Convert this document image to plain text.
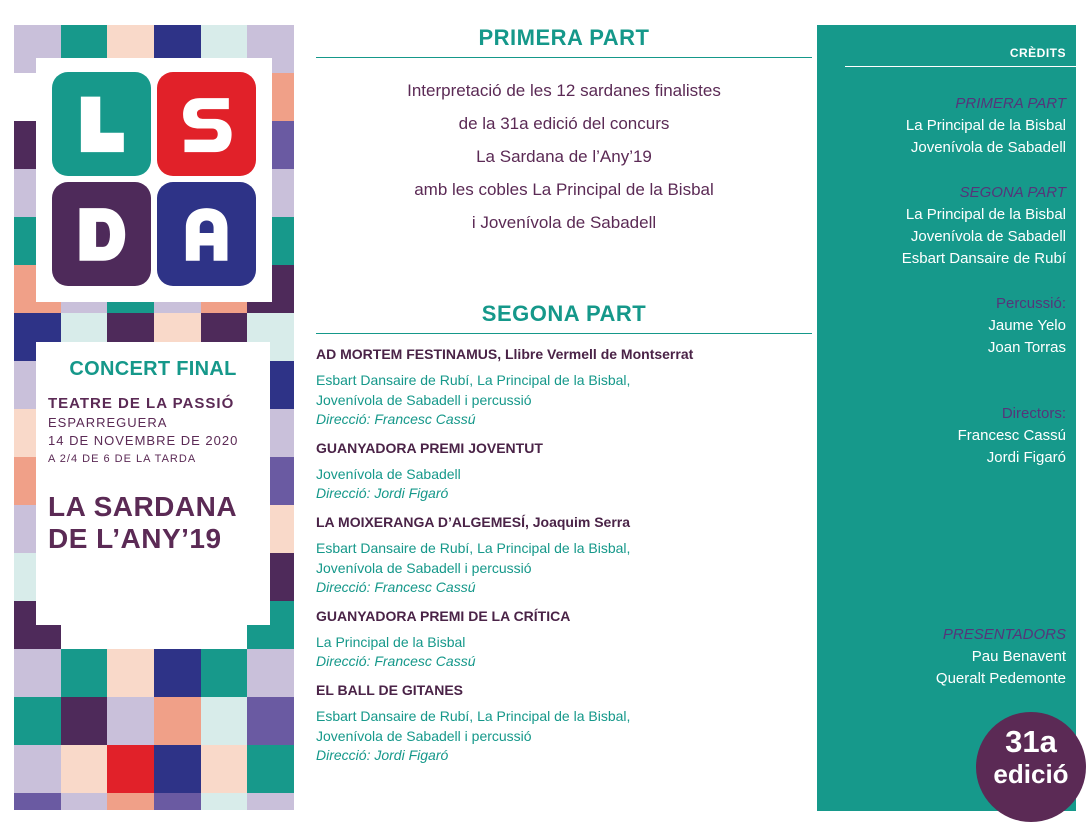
CONCERT FINAL
TEATRE DE LA PASSIÓ
ESPARREGUERA
14 DE NOVEMBRE DE 2020
A 2/4 DE 6 DE LA TARDA
LA SARDANA
DE L’ANY’19
PRIMERA PART
Interpretació de les 12 sardanes finalistes
de la 31a edició del concurs
La Sardana de l’Any’19
amb les cobles La Principal de la Bisbal
i Jovenívola de Sabadell
SEGONA PART
AD MORTEM FESTINAMUS, Llibre Vermell de Montserrat
Esbart Dansaire de Rubí, La Principal de la Bisbal,
Jovenívola de Sabadell i percussió
Direcció: Francesc Cassú
GUANYADORA PREMI JOVENTUT
Jovenívola de Sabadell
Direcció: Jordi Figaró
LA MOIXERANGA D’ALGEMESÍ, Joaquim Serra
Esbart Dansaire de Rubí, La Principal de la Bisbal,
Jovenívola de Sabadell i percussió
Direcció: Francesc Cassú
GUANYADORA PREMI DE LA CRÍTICA
La Principal de la Bisbal
Direcció: Francesc Cassú
EL BALL DE GITANES
Esbart Dansaire de Rubí, La Principal de la Bisbal,
Jovenívola de Sabadell i percussió
Direcció: Jordi Figaró
CRÈDITS
PRIMERA PART
La Principal de la Bisbal
Jovenívola de Sabadell
SEGONA PART
La Principal de la Bisbal
Jovenívola de Sabadell
Esbart Dansaire de Rubí
Percussió:
Jaume Yelo
Joan Torras
Directors:
Francesc Cassú
Jordi Figaró
PRESENTADORS
Pau Benavent
Queralt Pedemonte
31a
edició
